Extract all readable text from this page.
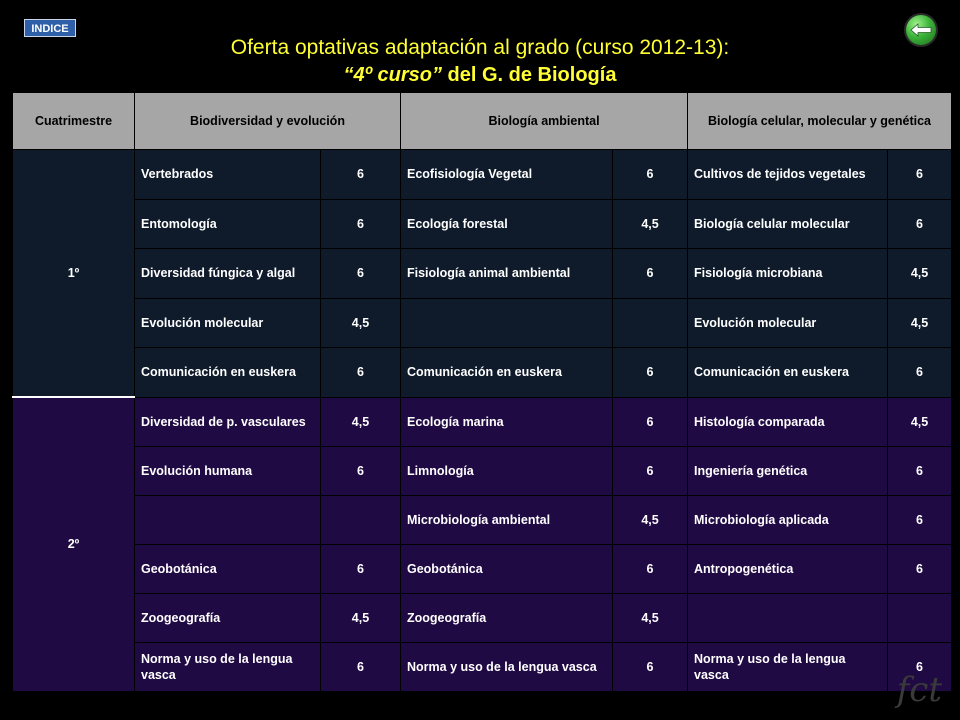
INDICE
Oferta optativas adaptación al grado (curso 2012-13):
“4º curso” del G. de Biología
Cuatrimestre	Biodiversidad y evolución		Biología ambiental		Biología celular, molecular y genética	
1º	Vertebrados	6	Ecofisiología Vegetal	6	Cultivos de tejidos vegetales	6
	Entomología	6	Ecología forestal	4,5	Biología celular molecular	6
	Diversidad fúngica y algal	6	Fisiología animal ambiental	6	Fisiología microbiana	4,5
	Evolución molecular	4,5			Evolución molecular	4,5
	Comunicación en euskera	6	Comunicación en euskera	6	Comunicación en euskera	6
2º	Diversidad de p. vasculares	4,5	Ecología marina	6	Histología comparada	4,5
	Evolución humana	6	Limnología	6	Ingeniería genética	6
			Microbiología ambiental	4,5	Microbiología aplicada	6
	Geobotánica	6	Geobotánica	6	Antropogenética	6
	Zoogeografía	4,5	Zoogeografía	4,5		
	Norma y uso de la lengua vasca	6	Norma y uso de la lengua vasca	6	Norma y uso de la lengua vasca	6
fct
